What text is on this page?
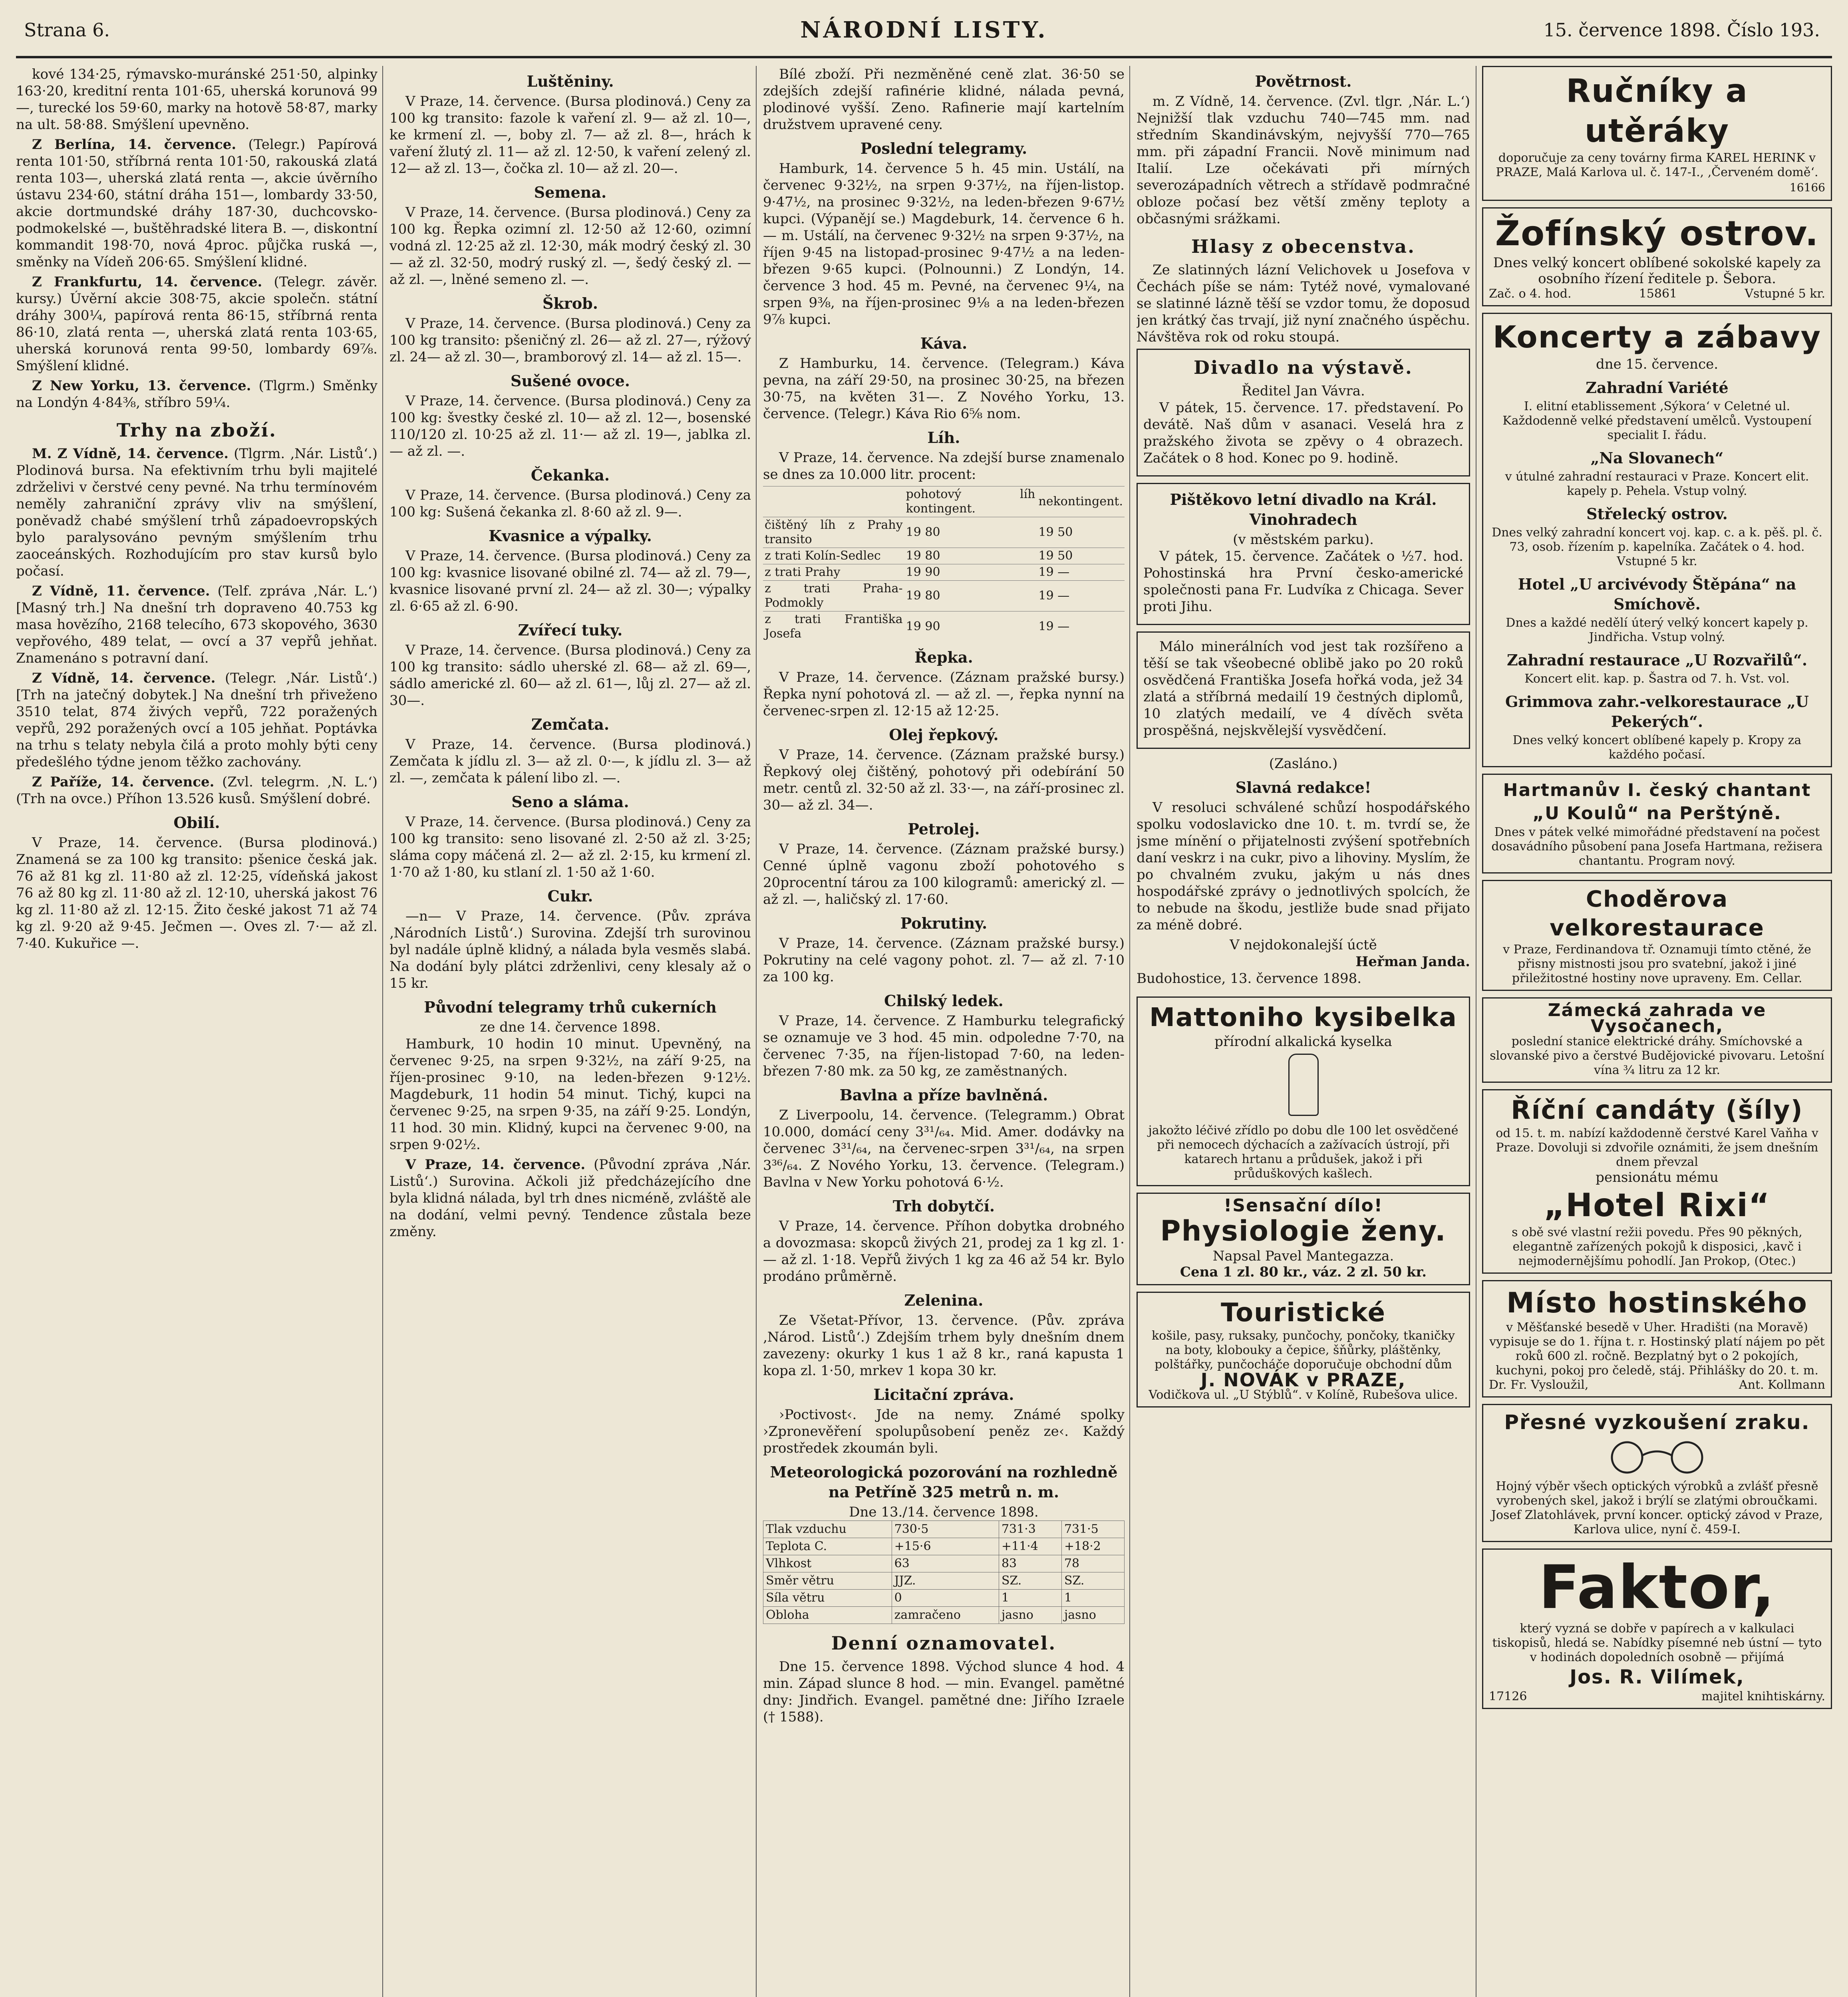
Strana 6.	NÁRODNÍ LISTY.	15. července 1898. Číslo 193.

kové 134·25, rýmavsko-muránské 251·50, alpinky 163·20, kreditní renta 101·65, uherská korunová 99—, turecké los 59·60, marky na hotově 58·87, marky na ult. 58·88. Smýšlení upevněno.

Z Berlína, 14. července. (Telegr.) Papírová renta 101·50, stříbrná renta 101·50, rakouská zlatá renta 103—, uherská zlatá renta —, akcie úvěrního ústavu 234·60, státní dráha 151—, lombardy 33·50, akcie dortmundské dráhy 187·30, duchcovsko-podmokelské —, buštěhradské litera B. —, diskontní kommandit 198·70, nová 4proc. půjčka ruská —, směnky na Vídeň 206·65. Smýšlení klidné.

Z Frankfurtu, 14. července. (Telegr. závěr. kursy.) Úvěrní akcie 308·75, akcie společn. státní dráhy 300¼, papírová renta 86·15, stříbrná renta 86·10, zlatá renta —, uherská zlatá renta 103·65, uherská korunová renta 99·50, lombardy 69⅞. Smýšlení klidné.

Z New Yorku, 13. července. (Tlgrm.) Směnky na Londýn 4·84⅜, stříbro 59¼.

Trhy na zboží.

M. Z Vídně, 14. července. (Tlgrm. ‚Nár. Listů‘.) Plodinová bursa. Na efektivním trhu byli majitelé zdrželivi v čerstvé ceny pevné. Na trhu termínovém neměly zahraniční zprávy vliv na smýšlení, poněvadž chabé smýšlení trhů západoevropských bylo paralysováno pevným smýšlením trhu zaoceánských. Rozhodujícím pro stav kursů bylo počasí.

Z Vídně, 11. července. (Telf. zpráva ‚Nár. L.‘) [Masný trh.] Na dnešní trh dopraveno 40.753 kg masa hovězího, 2168 telecího, 673 skopového, 3630 vepřového, 489 telat, — ovcí a 37 vepřů jehňat. Znamenáno s potravní daní.

Z Vídně, 14. července. (Telegr. ‚Nár. Listů‘.) [Trh na jatečný dobytek.] Na dnešní trh přiveženo 3510 telat, 874 živých vepřů, 722 poražených vepřů, 292 poražených ovcí a 105 jehňat. Poptávka na trhu s telaty nebyla čilá a proto mohly býti ceny předešlého týdne jenom těžko zachovány.

Z Paříže, 14. července. (Zvl. telegrm. ‚N. L.‘) (Trh na ovce.) Příhon 13.526 kusů. Smýšlení dobré.

Obilí.

V Praze, 14. července. (Bursa plodinová.) Znamená se za 100 kg transito: pšenice česká jak. 76 až 81 kg zl. 11·80 až zl. 12·25, vídeňská jakost 76 až 80 kg zl. 11·80 až zl. 12·10, uherská jakost 76 kg zl. 11·80 až zl. 12·15. Žito české jakost 71 až 74 kg zl. 9·20 až 9·45. Ječmen —. Oves zl. 7·— až zl. 7·40. Kukuřice —.

Luštěniny.

V Praze, 14. července. (Bursa plodinová.) Ceny za 100 kg transito: fazole k vaření zl. 9— až zl. 10—, ke krmení zl. —, boby zl. 7— až zl. 8—, hrách k vaření žlutý zl. 11— až zl. 12·50, k vaření zelený zl. 12— až zl. 13—, čočka zl. 10— až zl. 20—.

Semena.

V Praze, 14. července. (Bursa plodinová.) Ceny za 100 kg. Řepka ozimní zl. 12·50 až 12·60, ozimní vodná zl. 12·25 až zl. 12·30, mák modrý český zl. 30— až zl. 32·50, modrý ruský zl. —, šedý český zl. — až zl. —, lněné semeno zl. —.

Škrob.

V Praze, 14. července. (Bursa plodinová.) Ceny za 100 kg transito: pšeničný zl. 26— až zl. 27—, rýžový zl. 24— až zl. 30—, bramborový zl. 14— až zl. 15—.

Sušené ovoce.

V Praze, 14. července. (Bursa plodinová.) Ceny za 100 kg: švestky české zl. 10— až zl. 12—, bosenské 110/120 zl. 10·25 až zl. 11·— až zl. 19—, jablka zl. — až zl. —.

Čekanka.

V Praze, 14. července. (Bursa plodinová.) Ceny za 100 kg: Sušená čekanka zl. 8·60 až zl. 9—.

Kvasnice a výpalky.

V Praze, 14. července. (Bursa plodinová.) Ceny za 100 kg: kvasnice lisované obilné zl. 74— až zl. 79—, kvasnice lisované první zl. 24— až zl. 30—; výpalky zl. 6·65 až zl. 6·90.

Zvířecí tuky.

V Praze, 14. července. (Bursa plodinová.) Ceny za 100 kg transito: sádlo uherské zl. 68— až zl. 69—, sádlo americké zl. 60— až zl. 61—, lůj zl. 27— až zl. 30—.

Zemčata.

V Praze, 14. července. (Bursa plodinová.) Zemčata k jídlu zl. 3— až zl. 0·—, k jídlu zl. 3— až zl. —, zemčata k pálení libo zl. —.

Seno a sláma.

V Praze, 14. července. (Bursa plodinová.) Ceny za 100 kg transito: seno lisované zl. 2·50 až zl. 3·25; sláma copy máčená zl. 2— až zl. 2·15, ku krmení zl. 1·70 až 1·80, ku stlaní zl. 1·50 až 1·60.

Cukr.

—n— V Praze, 14. července. (Pův. zpráva ‚Národních Listů‘.) Surovina. Zdejší trh surovinou byl nadále úplně klidný, a nálada byla vesměs slabá. Na dodání byly plátci zdrženlivi, ceny klesaly až o 15 kr.

Původní telegramy trhů cukerních
ze dne 14. července 1898.

Hamburk, 10 hodin 10 minut. Upevněný, na červenec 9·25, na srpen 9·32½, na září 9·25, na říjen-prosinec 9·10, na leden-březen 9·12½. Magdeburk, 11 hodin 54 minut. Tichý, kupci na červenec 9·25, na srpen 9·35, na září 9·25. Londýn, 11 hod. 30 min. Klidný, kupci na červenec 9·00, na srpen 9·02½.

V Praze, 14. července. (Původní zpráva ‚Nár. Listů‘.) Surovina. Ačkoli již předcházejícího dne byla klidná nálada, byl trh dnes nicméně, zvláště ale na dodání, velmi pevný. Tendence zůstala beze změny.

Bílé zboží. Při nezměněné ceně zlat. 36·50 se zdejších zdejší rafinérie klidné, nálada pevná, plodinové vyšší. Zeno. Rafinerie mají kartelním družstvem upravené ceny.

Poslední telegramy.

Hamburk, 14. července 5 h. 45 min. Ustálí, na červenec 9·32½, na srpen 9·37½, na říjen-listop. 9·47½, na prosinec 9·32½, na leden-březen 9·67½ kupci. (Výpanějí se.) Magdeburk, 14. července 6 h. — m. Ustálí, na červenec 9·32½ na srpen 9·37½, na říjen 9·45 na listopad-prosinec 9·47½ a na leden-březen 9·65 kupci. (Polnounni.) Z Londýn, 14. července 3 hod. 45 m. Pevné, na červenec 9¼, na srpen 9⅜, na říjen-prosinec 9⅛ a na leden-březen 9⅞ kupci.

Káva.

Z Hamburku, 14. července. (Telegram.) Káva pevna, na září 29·50, na prosinec 30·25, na březen 30·75, na květen 31—. Z Nového Yorku, 13. července. (Telegr.) Káva Rio 6⅝ nom.

Líh.

V Praze, 14. července. Na zdejší burse znamenalo se dnes za 10.000 litr. procent:

	pohotový líh kontingent.	nekontingent.
čištěný líh z Prahy transito	19 80	19 50
z trati Kolín-Sedlec	19 80	19 50
z trati Prahy	19 90	19 —
z trati Praha-Podmokly	19 80	19 —
z trati Františka Josefa	19 90	19 —
Řepka.

V Praze, 14. července. (Záznam pražské bursy.) Řepka nyní pohotová zl. — až zl. —, řepka nynní na červenec-srpen zl. 12·15 až 12·25.

Olej řepkový.

V Praze, 14. července. (Záznam pražské bursy.) Řepkový olej čištěný, pohotový při odebírání 50 metr. centů zl. 32·50 až zl. 33·—, na září-prosinec zl. 30— až zl. 34—.

Petrolej.

V Praze, 14. července. (Záznam pražské bursy.) Cenné úplně vagonu zboží pohotového s 20procentní tárou za 100 kilogramů: americký zl. — až zl. —, haličský zl. 17·60.

Pokrutiny.

V Praze, 14. července. (Záznam pražské bursy.) Pokrutiny na celé vagony pohot. zl. 7— až zl. 7·10 za 100 kg.

Chilský ledek.

V Praze, 14. července. Z Hamburku telegrafický se oznamuje ve 3 hod. 45 min. odpoledne 7·70, na červenec 7·35, na říjen-listopad 7·60, na leden-březen 7·80 mk. za 50 kg, ze zaměstnaných.

Bavlna a příze bavlněná.

Z Liverpoolu, 14. července. (Telegramm.) Obrat 10.000, domácí ceny 3³¹/₆₄. Mid. Amer. dodávky na červenec 3³¹/₆₄, na červenec-srpen 3³¹/₆₄, na srpen 3³⁶/₆₄. Z Nového Yorku, 13. července. (Telegram.) Bavlna v New Yorku pohotová 6·½.

Trh dobytčí.

V Praze, 14. července. Příhon dobytka drobného a dovozmasa: skopců živých 21, prodej za 1 kg zl. 1·— až zl. 1·18. Vepřů živých 1 kg za 46 až 54 kr. Bylo prodáno průměrně.

Zelenina.

Ze Všetat-Přívor, 13. července. (Pův. zpráva ‚Národ. Listů‘.) Zdejším trhem byly dnešním dnem zavezeny: okurky 1 kus 1 až 8 kr., raná kapusta 1 kopa zl. 1·50, mrkev 1 kopa 30 kr.

Licitační zpráva.

›Poctivost‹. Jde na nemy. Známé spolky ›Zpronevěření spolupůsobení peněz ze‹. Každý prostředek zkoumán byli.

Meteorologická pozorování na rozhledně na Petříně 325 metrů n. m.
Dne 13./14. července 1898.
Tlak vzduchu	730·5	731·3	731·5
Teplota C.	+15·6	+11·4	+18·2
Vlhkost	63	83	78
Směr větru	JJZ.	SZ.	SZ.
Síla větru	0	1	1
Obloha	zamračeno	jasno	jasno
Denní oznamovatel.

Dne 15. července 1898. Východ slunce 4 hod. 4 min. Západ slunce 8 hod. — min. Evangel. pamětné dny: Jindřich. Evangel. pamětné dne: Jiřího Izraele († 1588).

Povětrnost.

m. Z Vídně, 14. července. (Zvl. tlgr. ‚Nár. L.‘) Nejnižší tlak vzduchu 740—745 mm. nad středním Skandinávským, nejvyšší 770—765 mm. při západní Francii. Nově minimum nad Italií. Lze očekávati při mírných severozápadních větrech a střídavě podmračné obloze počasí bez větší změny teploty a občasnými srážkami.

Hlasy z obecenstva.

Ze slatinných lázní Velichovek u Josefova v Čechách píše se nám: Tytéž nové, vymalované se slatinné lázně těší se vzdor tomu, že doposud jen krátký čas trvají, již nyní značného úspěchu. Návštěva rok od roku stoupá.

Divadlo na výstavě.
Ředitel Jan Vávra.

V pátek, 15. července. 17. představení. Po devátě. Naš dům v asanaci. Veselá hra z pražského života se zpěvy o 4 obrazech. Začátek o 8 hod. Konec po 9. hodině.

Pištěkovo letní divadlo na Král. Vinohradech
(v městském parku).

V pátek, 15. července. Začátek o ½7. hod. Pohostinská hra První česko-americké společnosti pana Fr. Ludvíka z Chicaga. Sever proti Jihu.

Málo minerálních vod jest tak rozšířeno a těší se tak všeobecné oblibě jako po 20 roků osvědčená Františka Josefa hořká voda, jež 34 zlatá a stříbrná medailí 19 čestných diplomů, 10 zlatých medailí, ve 4 dívěch světa prospěšná, nejskvělejší vysvědčení.

(Zasláno.)
Slavná redakce!

V resoluci schválené schůzí hospodářského spolku vodoslavicko dne 10. t. m. tvrdí se, že jsme mínění o přijatelnosti zvýšení spotřebních daní veskrz i na cukr, pivo a lihoviny. Myslím, že po chvalném zvuku, jakým u nás dnes hospodářské zprávy o jednotlivých spolcích, že to nebude na škodu, jestliže bude snad přijato za méně dobré.

V nejdokonalejší úctě
Heřman Janda.
Budohostice, 13. července 1898.
Mattoniho kysibelka
přírodní alkalická kyselka
jakožto léčivé zřídlo po dobu dle 100 let osvědčené při nemocech dýchacích a zažívacích ústrojí, při katarech hrtanu a průdušek, jakož i při průduškových kašlech.
!Sensační dílo!
Physiologie ženy.
Napsal Pavel Mantegazza.
Cena 1 zl. 80 kr., váz. 2 zl. 50 kr.
Touristické
košile, pasy, ruksaky, punčochy, pončoky, tkaničky na boty, klobouky a čepice, šňůrky, pláštěnky, polštářky, punčocháče doporučuje obchodní dům
J. NOVÁK v PRAZE,
Vodičkova ul. „U Stýblů“. v Kolíně, Rubešova ulice.
Ručníky a utěráky
doporučuje za ceny továrny firma KAREL HERINK v PRAZE, Malá Karlova ul. č. 147-I., ‚Červeném domě‘.
16166
Žofínský ostrov.
Dnes velký koncert oblíbené sokolské kapely za osobního řízení ředitele p. Šebora.
Zač. o 4. hod.	15861	Vstupné 5 kr.
Koncerty a zábavy
dne 15. července.
Zahradní Variété
I. elitní etablissement ‚Sýkora‘ v Celetné ul. Každodenně velké představení umělců. Vystoupení specialit I. řádu.
„Na Slovanech“
v útulné zahradní restauraci v Praze. Koncert elit. kapely p. Pehela. Vstup volný.
Střelecký ostrov.
Dnes velký zahradní koncert voj. kap. c. a k. pěš. pl. č. 73, osob. řízením p. kapelníka. Začátek o 4. hod. Vstupné 5 kr.
Hotel „U arcivévody Štěpána“ na Smíchově.
Dnes a každé nedělí úterý velký koncert kapely p. Jindřicha. Vstup volný.
Zahradní restaurace „U Rozvařilů“.
Koncert elit. kap. p. Šastra od 7. h. Vst. vol.
Grimmova zahr.-velkorestaurace „U Pekerých“.
Dnes velký koncert oblíbené kapely p. Kropy za každého počasí.
Hartmanův I. český chantant „U Koulů“ na Perštýně.
Dnes v pátek velké mimořádné představení na počest dosavádního působení pana Josefa Hartmana, režisera chantantu. Program nový.
Choděrova velkorestaurace
v Praze, Ferdinandova tř. Oznamuji tímto ctěné, že přisny mistnosti jsou pro svatební, jakož i jiné přiležitostné hostiny nove upraveny. Em. Cellar.
Zámecká zahrada ve Vysočanech,
poslední stanice elektrické dráhy. Smíchovské a slovanské pivo a čerstvé Budějovické pivovaru. Letošní vína ¾ litru za 12 kr.
Říční candáty (šíly)
od 15. t. m. nabízí každodenně čerstvé Karel Vaňha v Praze. Dovoluji si zdvořile oznámiti, že jsem dnešním dnem převzal
pensionátu mému
„Hotel Rixi“
s obě své vlastní režii povedu. Přes 90 pěkných, elegantně zařízených pokojů k disposici, ‚kavč i nejmodernějšímu pohodlí. Jan Prokop, (Otec.)
Místo hostinského
v Měšťanské besedě v Uher. Hradišti (na Moravě) vypisuje se do 1. října t. r. Hostinský platí nájem po pět roků 600 zl. ročně. Bezplatný byt o 2 pokojích, kuchyni, pokoj pro čeledě, stáj. Přihlášky do 20. t. m.
Dr. Fr. Vysloužil,	Ant. Kollmann
Přesné vyzkoušení zraku.
Hojný výběr všech optických výrobků a zvlášť přesně vyrobených skel, jakož i brýlí se zlatými obroučkami. Josef Zlatohlávek, první koncer. optický závod v Praze, Karlova ulice, nyní č. 459-I.
Faktor,
který vyzná se dobře v papírech a v kalkulaci tiskopisů, hledá se. Nabídky písemné neb ústní — tyto v hodinách dopoledních osobně — přijímá
Jos. R. Vilímek,
17126	majitel knihtiskárny.
